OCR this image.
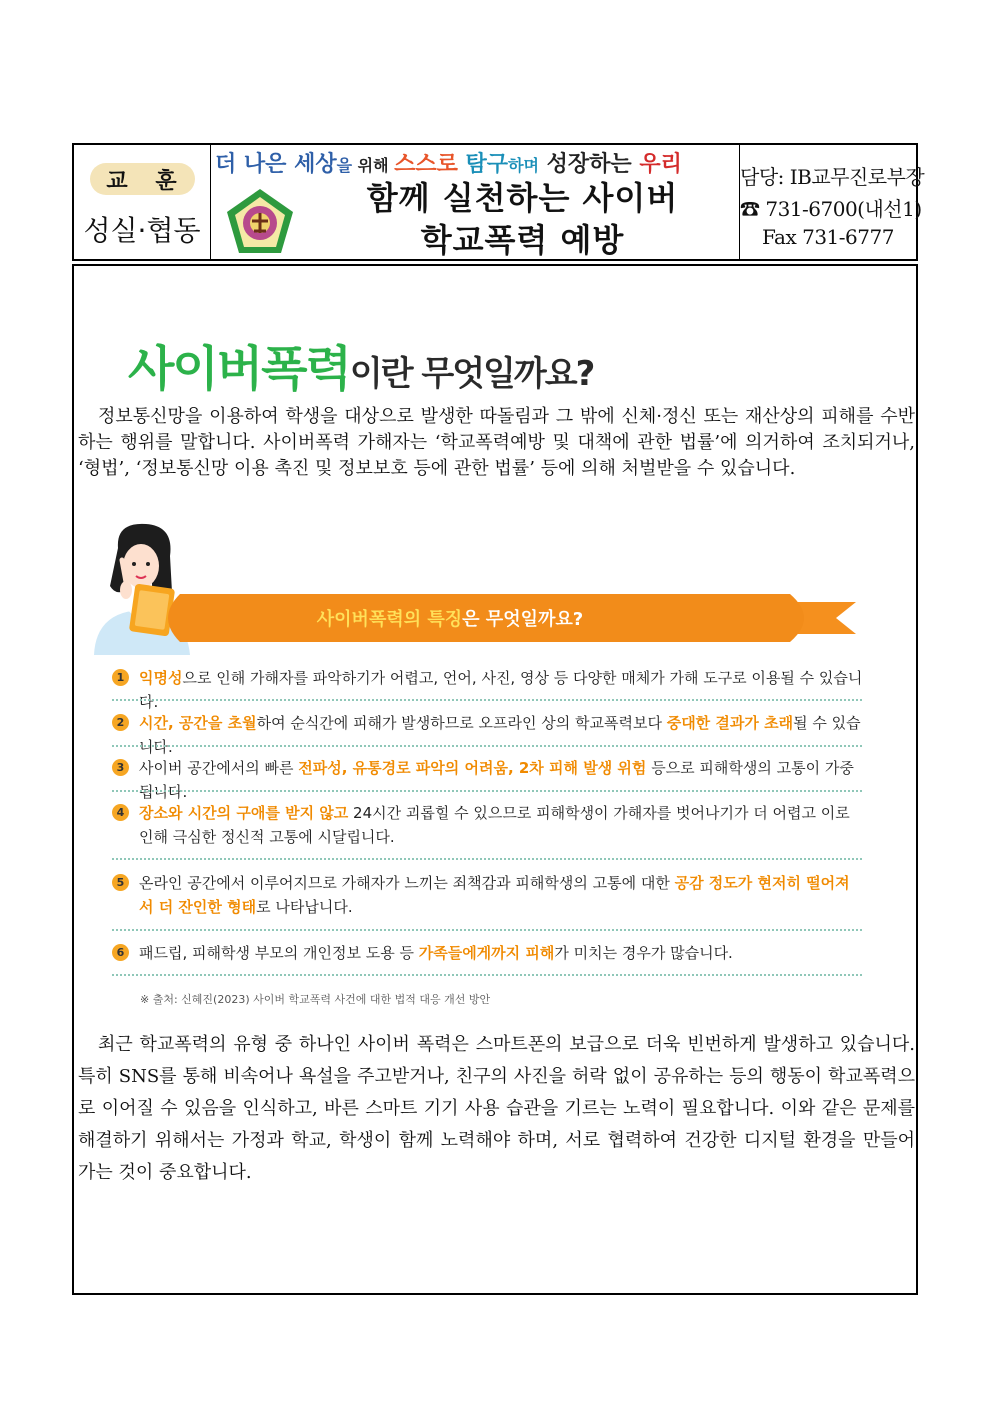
교 훈
성실·협동
더 나은 세상을 위해 스스로 탐구하며 성장하는 우리
함께 실천하는 사이버
학교폭력 예방
담당: IB교무진로부장
☎ 731-6700(내선1)
Fax 731-6777
사이버폭력이란 무엇일까요?
정보통신망을 이용하여 학생을 대상으로 발생한 따돌림과 그 밖에 신체·정신 또는 재산상의 피해를 수반하는 행위를 말합니다. 사이버폭력 가해자는 ‘학교폭력예방 및 대책에 관한 법률’에 의거하여 조치되거나, ‘형법’, ‘정보통신망 이용 촉진 및 정보보호 등에 관한 법률’ 등에 의해 처벌받을 수 있습니다.
사이버폭력의 특징 은 무엇일까요?
1 익명성으로 인해 가해자를 파악하기가 어렵고, 언어, 사진, 영상 등 다양한 매체가 가해 도구로 이용될 수 있습니다.
2 시간, 공간을 초월하여 순식간에 피해가 발생하므로 오프라인 상의 학교폭력보다 중대한 결과가 초래될 수 있습니다.
3 사이버 공간에서의 빠른 전파성, 유통경로 파악의 어려움, 2차 피해 발생 위험 등으로 피해학생의 고통이 가중됩니다.
4 장소와 시간의 구애를 받지 않고 24시간 괴롭힐 수 있으므로 피해학생이 가해자를 벗어나기가 더 어렵고 이로인해 극심한 정신적 고통에 시달립니다.
5 온라인 공간에서 이루어지므로 가해자가 느끼는 죄책감과 피해학생의 고통에 대한 공감 정도가 현저히 떨어져서 더 잔인한 형태로 나타납니다.
6 패드립, 피해학생 부모의 개인정보 도용 등 가족들에게까지 피해가 미치는 경우가 많습니다.
※ 출처: 신혜진(2023) 사이버 학교폭력 사건에 대한 법적 대응 개선 방안
최근 학교폭력의 유형 중 하나인 사이버 폭력은 스마트폰의 보급으로 더욱 빈번하게 발생하고 있습니다. 특히 SNS를 통해 비속어나 욕설을 주고받거나, 친구의 사진을 허락 없이 공유하는 등의 행동이 학교폭력으로 이어질 수 있음을 인식하고, 바른 스마트 기기 사용 습관을 기르는 노력이 필요합니다. 이와 같은 문제를 해결하기 위해서는 가정과 학교, 학생이 함께 노력해야 하며, 서로 협력하여 건강한 디지털 환경을 만들어 가는 것이 중요합니다.
